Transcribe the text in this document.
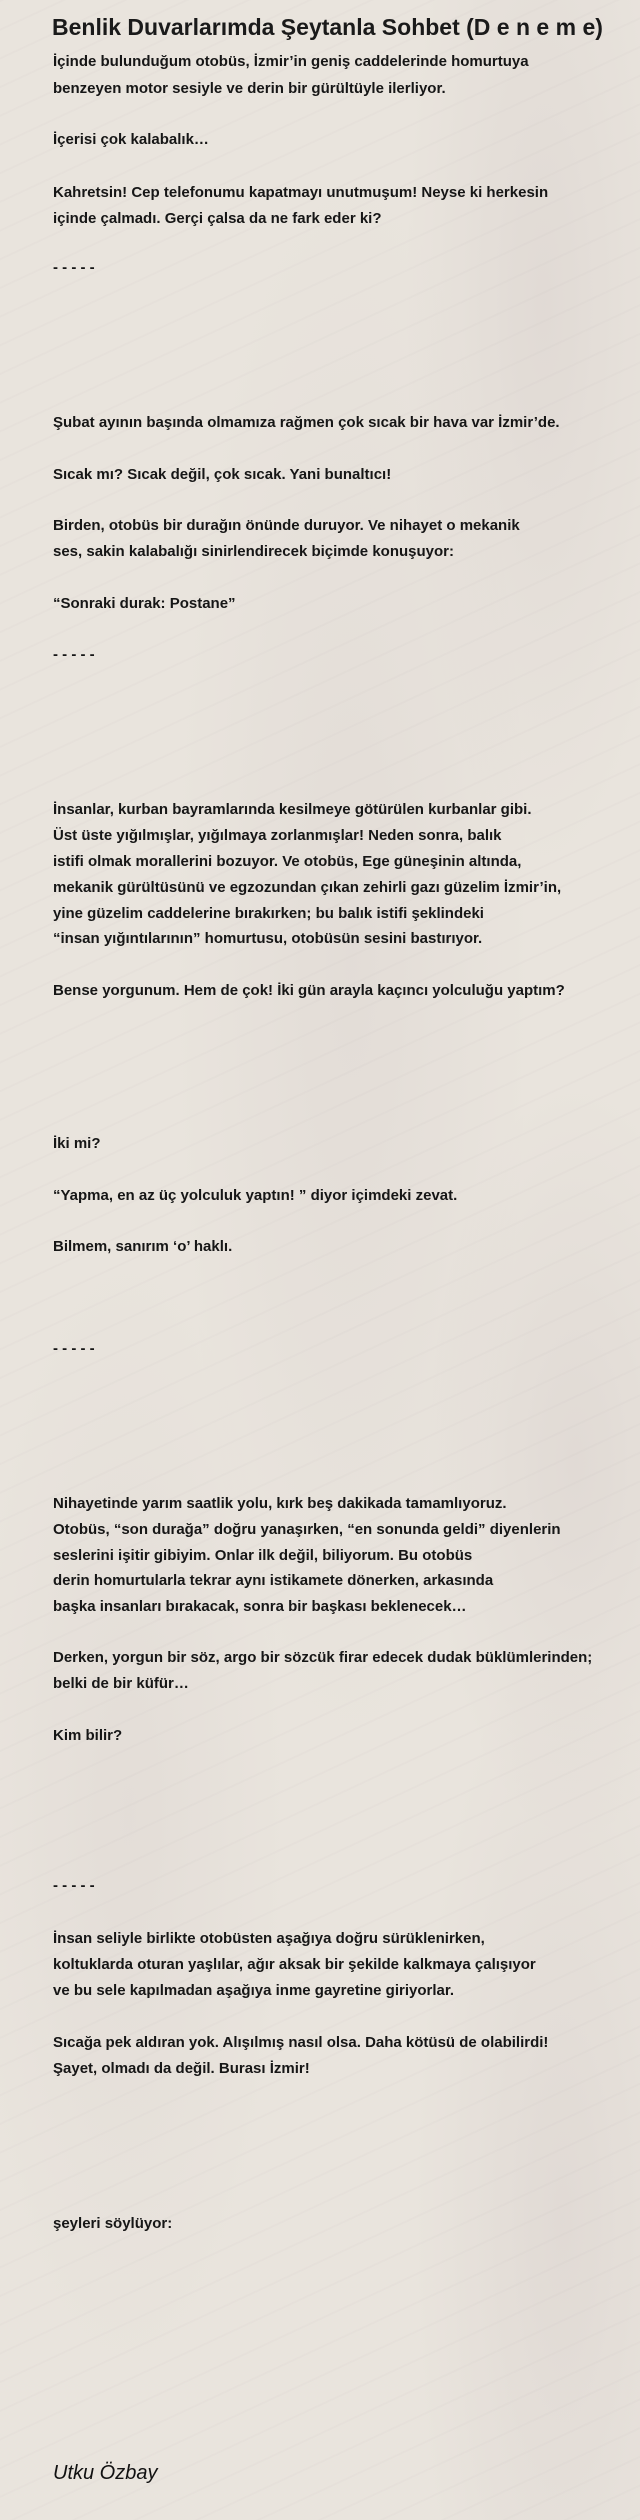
Benlik Duvarlarımda Şeytanla Sohbet (D e n e m e)

İçinde bulunduğum otobüs, İzmir’in geniş caddelerinde homurtuya

benzeyen motor sesiyle ve derin bir gürültüyle ilerliyor.

İçerisi çok kalabalık…

Kahretsin! Cep telefonumu kapatmayı unutmuşum! Neyse ki herkesin

içinde çalmadı. Gerçi çalsa da ne fark eder ki?

- - - - -

Şubat ayının başında olmamıza rağmen çok sıcak bir hava var İzmir’de.

Sıcak mı? Sıcak değil, çok sıcak. Yani bunaltıcı!

Birden, otobüs bir durağın önünde duruyor. Ve nihayet o mekanik

ses, sakin kalabalığı sinirlendirecek biçimde konuşuyor:

“Sonraki durak: Postane”

- - - - -

İnsanlar, kurban bayramlarında kesilmeye götürülen kurbanlar gibi.

Üst üste yığılmışlar, yığılmaya zorlanmışlar! Neden sonra, balık

istifi olmak morallerini bozuyor. Ve otobüs, Ege güneşinin altında,

mekanik gürültüsünü ve egzozundan çıkan zehirli gazı güzelim İzmir’in,

yine güzelim caddelerine bırakırken; bu balık istifi şeklindeki

“insan yığıntılarının” homurtusu, otobüsün sesini bastırıyor.

Bense yorgunum. Hem de çok! İki gün arayla kaçıncı yolculuğu yaptım?

İki mi?

“Yapma, en az üç yolculuk yaptın! ” diyor içimdeki zevat.

Bilmem, sanırım ‘o’ haklı.

- - - - -

Nihayetinde yarım saatlik yolu, kırk beş dakikada tamamlıyoruz.

Otobüs, “son durağa” doğru yanaşırken, “en sonunda geldi” diyenlerin

seslerini işitir gibiyim. Onlar ilk değil, biliyorum. Bu otobüs

derin homurtularla tekrar aynı istikamete dönerken, arkasında

başka insanları bırakacak, sonra bir başkası beklenecek…

Derken, yorgun bir söz, argo bir sözcük firar edecek dudak büklümlerinden;

belki de bir küfür…

Kim bilir?

- - - - -

İnsan seliyle birlikte otobüsten aşağıya doğru sürüklenirken,

koltuklarda oturan yaşlılar, ağır aksak bir şekilde kalkmaya çalışıyor

ve bu sele kapılmadan aşağıya inme gayretine giriyorlar.

Sıcağa pek aldıran yok. Alışılmış nasıl olsa. Daha kötüsü de olabilirdi!

Şayet, olmadı da değil. Burası İzmir!

şeyleri söylüyor:

Utku Özbay
